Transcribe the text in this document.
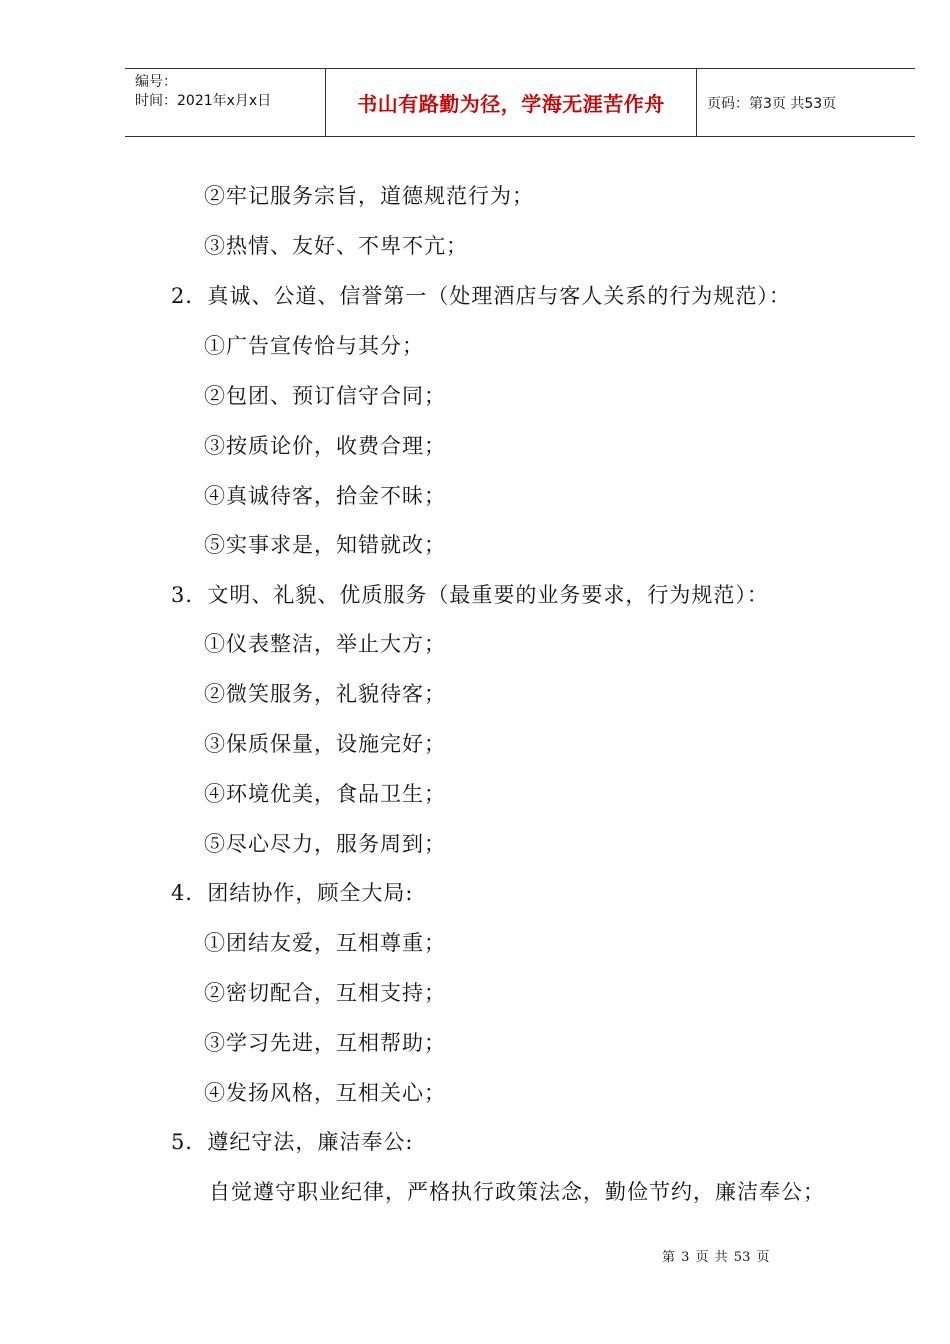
编号：
时间：2021年x月x日	书山有路勤为径，学海无涯苦作舟	页码：第3页 共53页
②牢记服务宗旨，道德规范行为；
③热情、友好、不卑不亢；
2．真诚、公道、信誉第一（处理酒店与客人关系的行为规范）：
①广告宣传恰与其分；
②包团、预订信守合同；
③按质论价，收费合理；
④真诚待客，拾金不昧；
⑤实事求是，知错就改；
3．文明、礼貌、优质服务（最重要的业务要求，行为规范）：
①仪表整洁，举止大方；
②微笑服务，礼貌待客；
③保质保量，设施完好；
④环境优美，食品卫生；
⑤尽心尽力，服务周到；
4．团结协作，顾全大局:
①团结友爱，互相尊重；
②密切配合，互相支持；
③学习先进，互相帮助；
④发扬风格，互相关心；
5．遵纪守法，廉洁奉公:
自觉遵守职业纪律，严格执行政策法念，勤俭节约，廉洁奉公；
第 3 页 共 53 页
